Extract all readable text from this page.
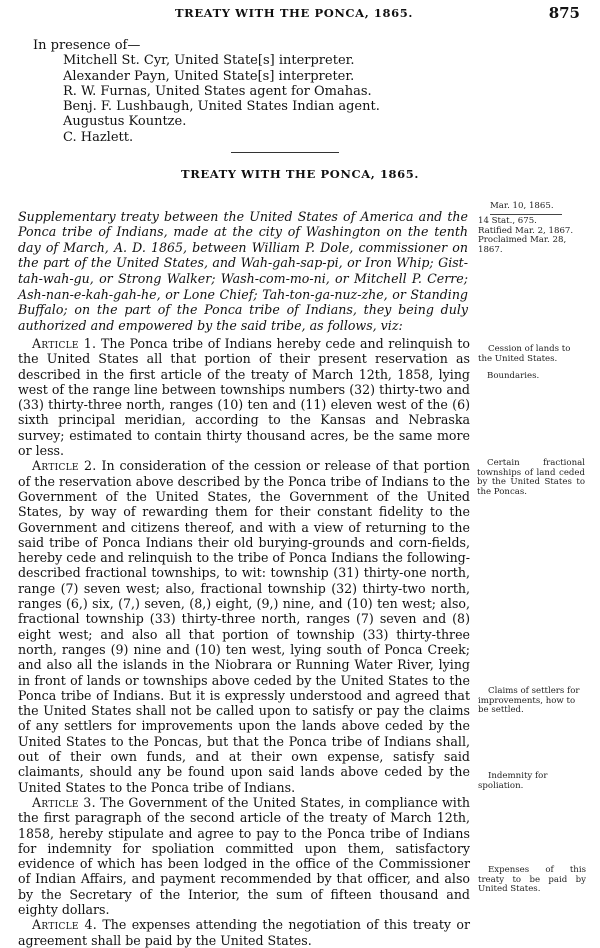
TREATY WITH THE PONCA, 1865.	875
In presence of—
Mitchell St. Cyr, United State[s] interpreter.
Alexander Payn, United State[s] interpreter.
R. W. Furnas, United States agent for Omahas.
Benj. F. Lushbaugh, United States Indian agent.
Augustus Kountze.
C. Hazlett.
TREATY WITH THE PONCA, 1865.

Supplementary treaty between the United States of America and the Ponca tribe of Indians, made at the city of Washington on the tenth day of March, A. D. 1865, between William P. Dole, commissioner on the part of the United States, and Wah-gah-sap-pi, or Iron Whip; Gist-tah-wah-gu, or Strong Walker; Wash-com-mo-ni, or Mitchell P. Cerre; Ash-nan-e-kah-gah-he, or Lone Chief; Tah-ton-ga-nuz-zhe, or Standing Buffalo; on the part of the Ponca tribe of Indians, they being duly authorized and empowered by the said tribe, as follows, viz:

Article 1. The Ponca tribe of Indians hereby cede and relinquish to the United States all that portion of their present reservation as described in the first article of the treaty of March 12th, 1858, lying west of the range line between townships numbers (32) thirty-two and (33) thirty-three north, ranges (10) ten and (11) eleven west of the (6) sixth principal meridian, according to the Kansas and Nebraska survey; estimated to contain thirty thousand acres, be the same more or less.

Article 2. In consideration of the cession or release of that portion of the reservation above described by the Ponca tribe of Indians to the Government of the United States, the Government of the United States, by way of rewarding them for their constant fidelity to the Government and citizens thereof, and with a view of returning to the said tribe of Ponca Indians their old burying-grounds and corn-fields, hereby cede and relinquish to the tribe of Ponca Indians the following-described fractional townships, to wit: township (31) thirty-one north, range (7) seven west; also, fractional township (32) thirty-two north, ranges (6,) six, (7,) seven, (8,) eight, (9,) nine, and (10) ten west; also, fractional township (33) thirty-three north, ranges (7) seven and (8) eight west; and also all that portion of township (33) thirty-three north, ranges (9) nine and (10) ten west, lying south of Ponca Creek; and also all the islands in the Niobrara or Running Water River, lying in front of lands or townships above ceded by the United States to the Ponca tribe of Indians. But it is expressly understood and agreed that the United States shall not be called upon to satisfy or pay the claims of any settlers for improvements upon the lands above ceded by the United States to the Poncas, but that the Ponca tribe of Indians shall, out of their own funds, and at their own expense, satisfy said claimants, should any be found upon said lands above ceded by the United States to the Ponca tribe of Indians.

Article 3. The Government of the United States, in compliance with the first paragraph of the second article of the treaty of March 12th, 1858, hereby stipulate and agree to pay to the Ponca tribe of Indians for indemnity for spoliation committed upon them, satisfactory evidence of which has been lodged in the office of the Commissioner of Indian Affairs, and payment recommended by that officer, and also by the Secretary of the Interior, the sum of fifteen thousand and eighty dollars.

Article 4. The expenses attending the negotiation of this treaty or agreement shall be paid by the United States.

Mar. 10, 1865.
14 Stat., 675.
Ratified Mar. 2, 1867.
Proclaimed Mar. 28, 1867.
Cession of lands to the United States.
Boundaries.
Certain fractional townships of land ceded by the United States to the Poncas.
Claims of settlers for improvements, how to be settled.
Indemnity for spoliation.
Expenses of this treaty to be paid by United States.
